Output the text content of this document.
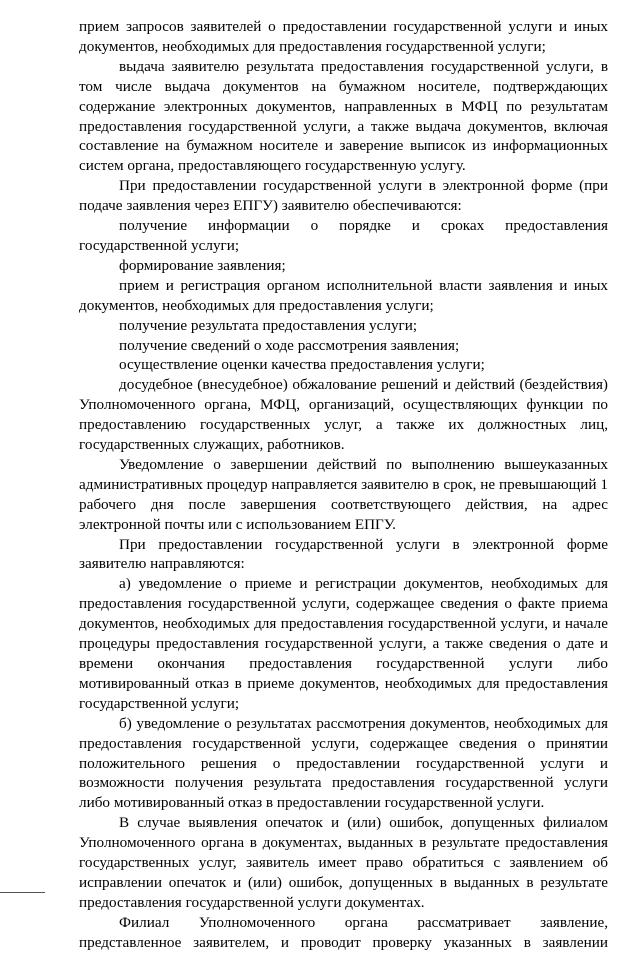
прием запросов заявителей о предоставлении государственной услуги и иных документов, необходимых для предоставления государственной услуги;

выдача заявителю результата предоставления государственной услуги, в том числе выдача документов на бумажном носителе, подтверждающих содержание электронных документов, направленных в МФЦ по результатам предоставления государственной услуги, а также выдача документов, включая составление на бумажном носителе и заверение выписок из информационных систем органа, предоставляющего государственную услугу.

При предоставлении государственной услуги в электронной форме (при подаче заявления через ЕПГУ) заявителю обеспечиваются:

получение информации о порядке и сроках предоставления государственной услуги;

формирование заявления;

прием и регистрация органом исполнительной власти заявления и иных документов, необходимых для предоставления услуги;

получение результата предоставления услуги;

получение сведений о ходе рассмотрения заявления;

осуществление оценки качества предоставления услуги;

досудебное (внесудебное) обжалование решений и действий (бездействия) Уполномоченного органа, МФЦ, организаций, осуществляющих функции по предоставлению государственных услуг, а также их должностных лиц, государственных служащих, работников.

Уведомление о завершении действий по выполнению вышеуказанных административных процедур направляется заявителю в срок, не превышающий 1 рабочего дня после завершения соответствующего действия, на адрес электронной почты или с использованием ЕПГУ.

При предоставлении государственной услуги в электронной форме заявителю направляются:

а) уведомление о приеме и регистрации документов, необходимых для предоставления государственной услуги, содержащее сведения о факте приема документов, необходимых для предоставления государственной услуги, и начале процедуры предоставления государственной услуги, а также сведения о дате и времени окончания предоставления государственной услуги либо мотивированный отказ в приеме документов, необходимых для предоставления государственной услуги;

б) уведомление о результатах рассмотрения документов, необходимых для предоставления государственной услуги, содержащее сведения о принятии положительного решения о предоставлении государственной услуги и возможности получения результата предоставления государственной услуги либо мотивированный отказ в предоставлении государственной услуги.

В случае выявления опечаток и (или) ошибок, допущенных филиалом Уполномоченного органа в документах, выданных в результате предоставления государственных услуг, заявитель имеет право обратиться с заявлением об исправлении опечаток и (или) ошибок, допущенных в выданных в результате предоставления государственной услуги документах.

Филиал Уполномоченного органа рассматривает заявление, представленное заявителем, и проводит проверку указанных в заявлении
